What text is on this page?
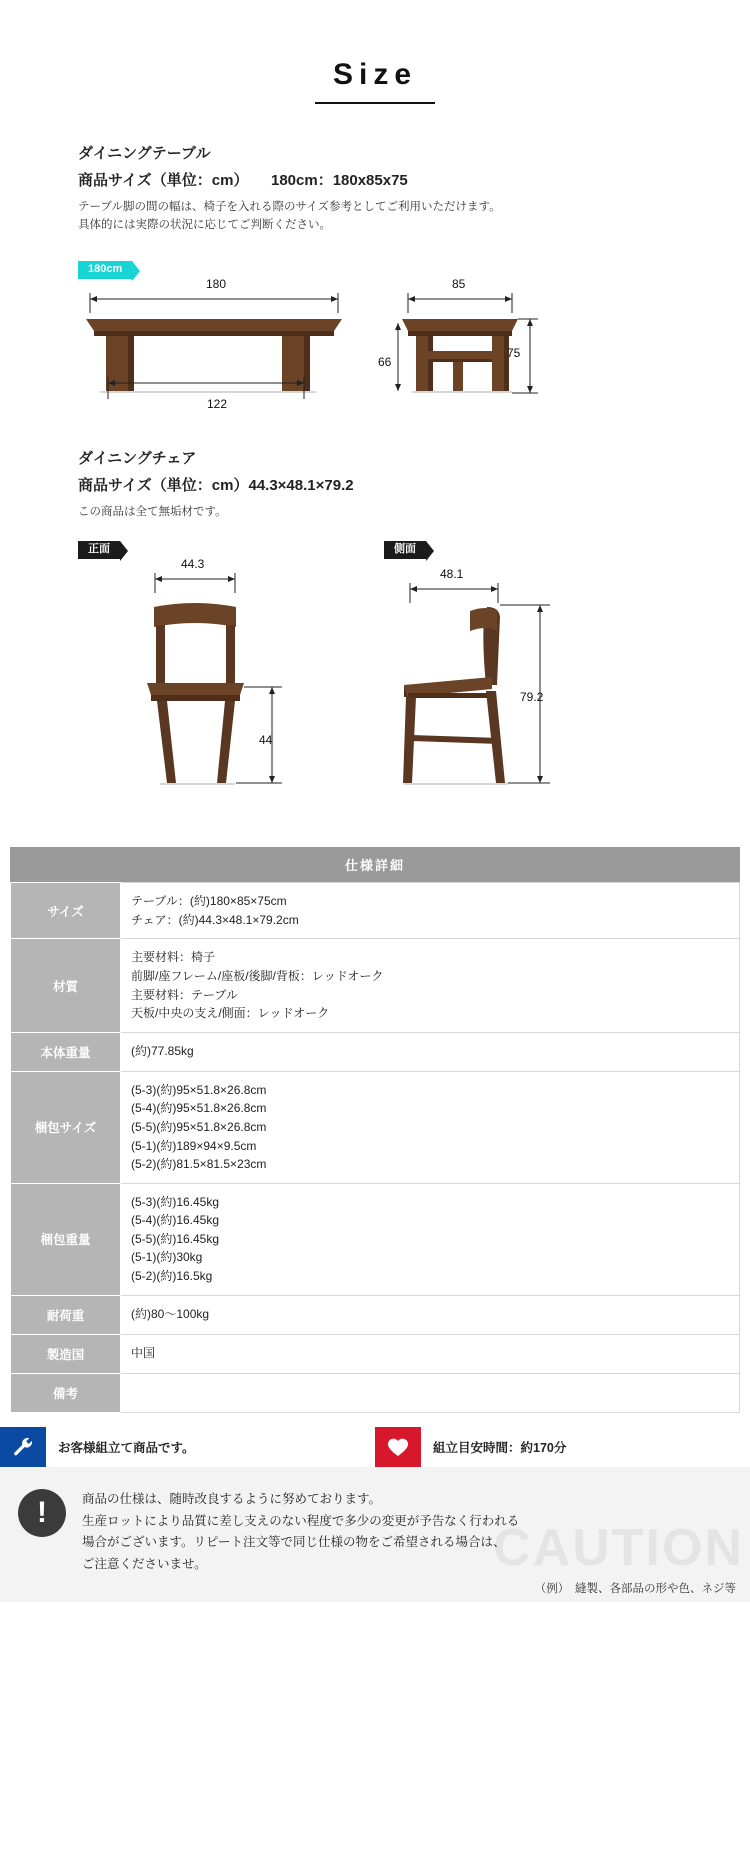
Size
ダイニングテーブル
商品サイズ（単位：cm）　　180cm：180x85x75
テーブル脚の間の幅は、椅子を入れる際のサイズ参考としてご利用いただけます。
具体的には実際の状況に応じてご判断ください。
180cm
180
122
85
75
66
ダイニングチェア
商品サイズ（単位：cm）44.3×48.1×79.2
この商品は全て無垢材です。
正面	側面
44.3
44
48.1
79.2
仕様詳細
サイズ	テーブル：(約)180×85×75cm
チェア：(約)44.3×48.1×79.2cm

材質	主要材料：椅子
前脚/座フレーム/座板/後脚/背板：レッドオーク
主要材料：テーブル
天板/中央の支え/側面：レッドオーク

本体重量	(約)77.85kg

梱包サイズ	(5-3)(約)95×51.8×26.8cm
(5-4)(約)95×51.8×26.8cm
(5-5)(約)95×51.8×26.8cm
(5-1)(約)189×94×9.5cm
(5-2)(約)81.5×81.5×23cm

梱包重量	(5-3)(約)16.45kg
(5-4)(約)16.45kg
(5-5)(約)16.45kg
(5-1)(約)30kg
(5-2)(約)16.5kg

耐荷重	(約)80〜100kg

製造国	中国

備考	
お客様組立て商品です。	組立目安時間：約170分
CAUTION
!	商品の仕様は、随時改良するように努めております。
生産ロットにより品質に差し支えのない程度で多少の変更が予告なく行われる
場合がございます。リピート注文等で同じ仕様の物をご希望される場合は、
ご注意くださいませ。
（例）　縫製、各部品の形や色、ネジ等
